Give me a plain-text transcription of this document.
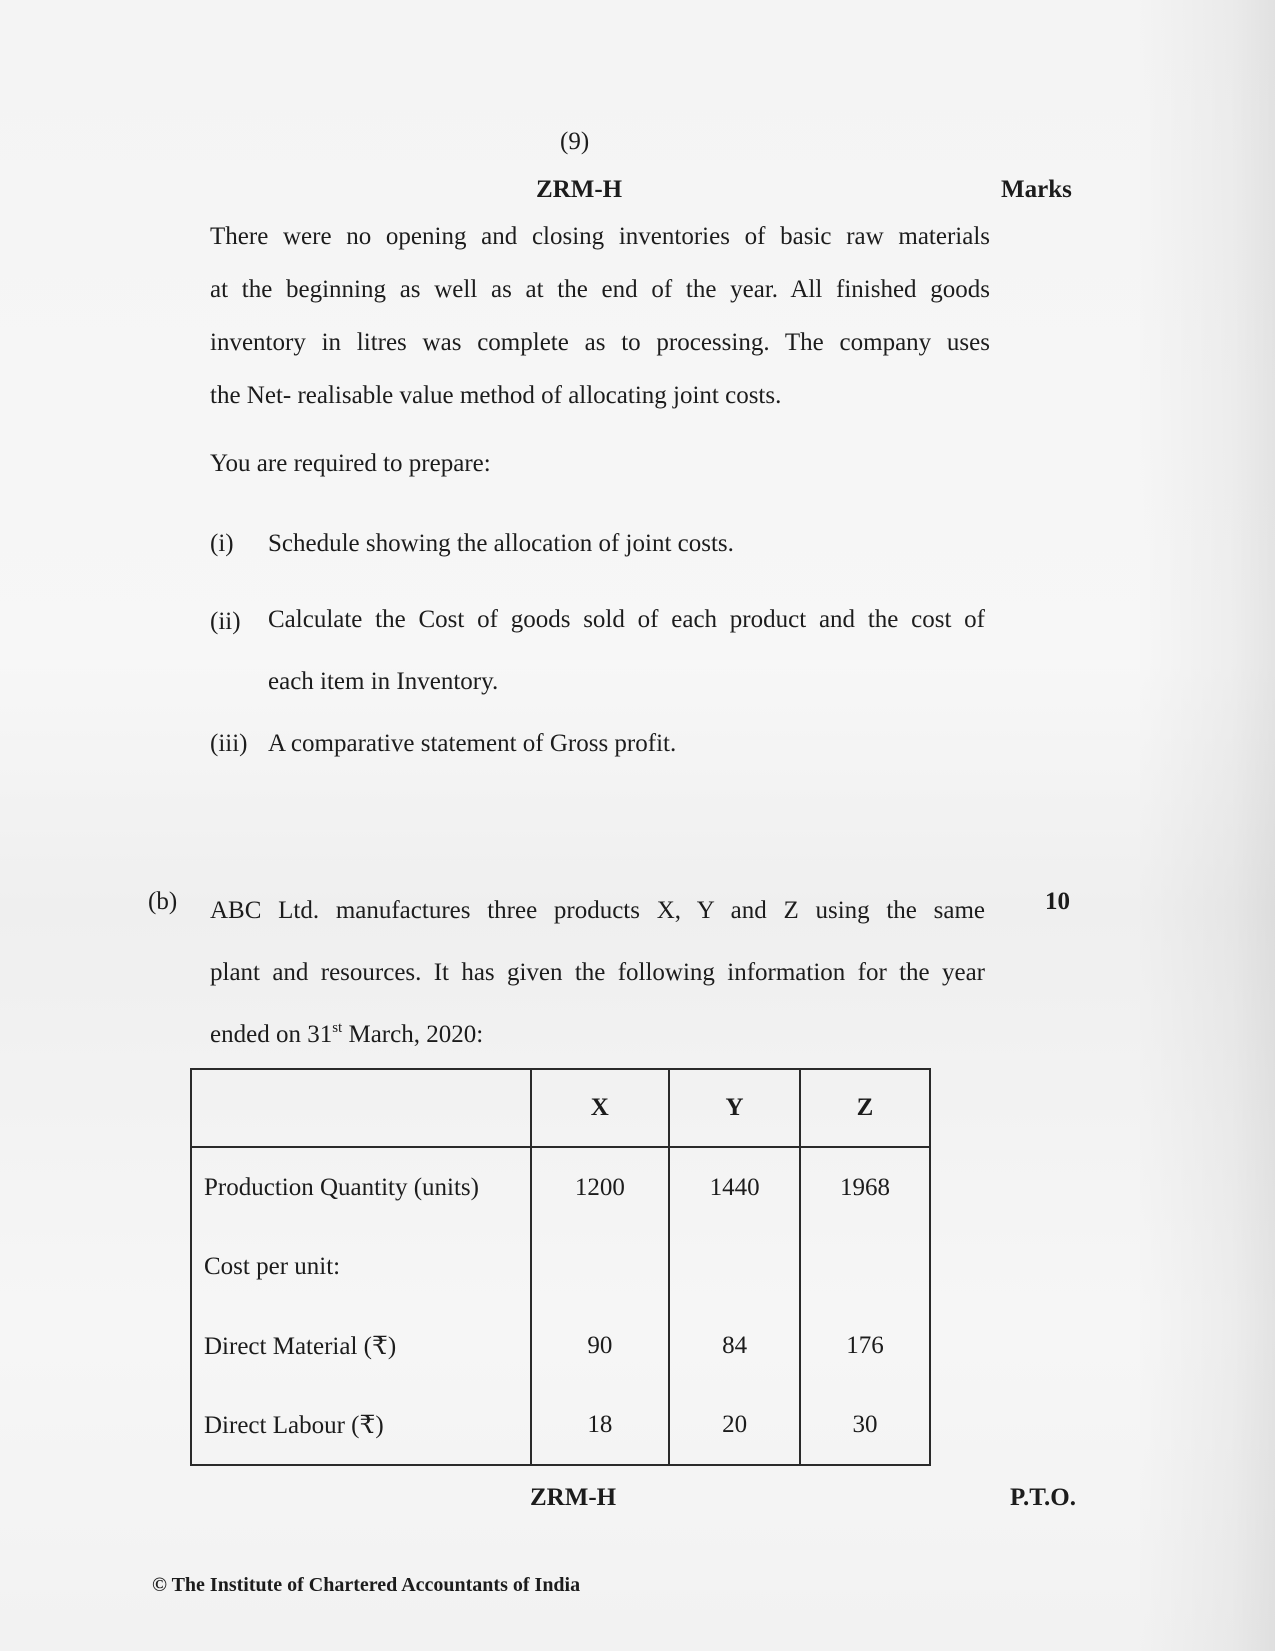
(9)
ZRM-H	Marks
There were no opening and closing inventories of basic raw materials
at the beginning as well as at the end of the year. All finished goods
inventory in litres was complete as to processing. The company uses
the Net- realisable value method of allocating joint costs.
You are required to prepare:
(i) Schedule showing the allocation of joint costs.
(ii) Calculate the Cost of goods sold of each product and the cost of
each item in Inventory.
(iii) A comparative statement of Gross profit.
(b) ABC Ltd. manufactures three products X, Y and Z using the same
plant and resources. It has given the following information for the year
ended on 31st March, 2020:
10
	X	Y	Z
Production Quantity (units)	1200	1440	1968
Cost per unit:			
Direct Material (₹)	90	84	176
Direct Labour (₹)	18	20	30
ZRM-H	P.T.O.
© The Institute of Chartered Accountants of India
